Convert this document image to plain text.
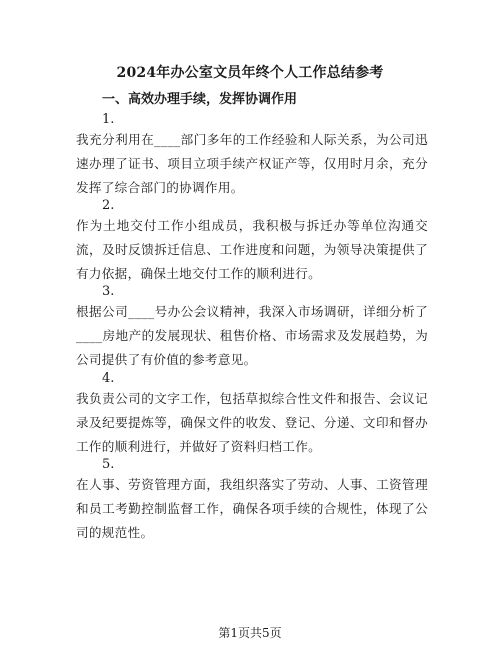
2024年办公室文员年终个人工作总结参考
一、高效办理手续，发挥协调作用
1.
我充分利用在____部门多年的工作经验和人际关系，为公司迅速办理了证书、项目立项手续产权证产等，仅用时月余，充分发挥了综合部门的协调作用。
2.
作为土地交付工作小组成员，我积极与拆迁办等单位沟通交流，及时反馈拆迁信息、工作进度和问题，为领导决策提供了有力依据，确保土地交付工作的顺利进行。
3.
根据公司____号办公会议精神，我深入市场调研，详细分析了____房地产的发展现状、租售价格、市场需求及发展趋势，为公司提供了有价值的参考意见。
4.
我负责公司的文字工作，包括草拟综合性文件和报告、会议记录及纪要提炼等，确保文件的收发、登记、分递、文印和督办工作的顺利进行，并做好了资料归档工作。
5.
在人事、劳资管理方面，我组织落实了劳动、人事、工资管理和员工考勤控制监督工作，确保各项手续的合规性，体现了公司的规范性。
第1页共5页
